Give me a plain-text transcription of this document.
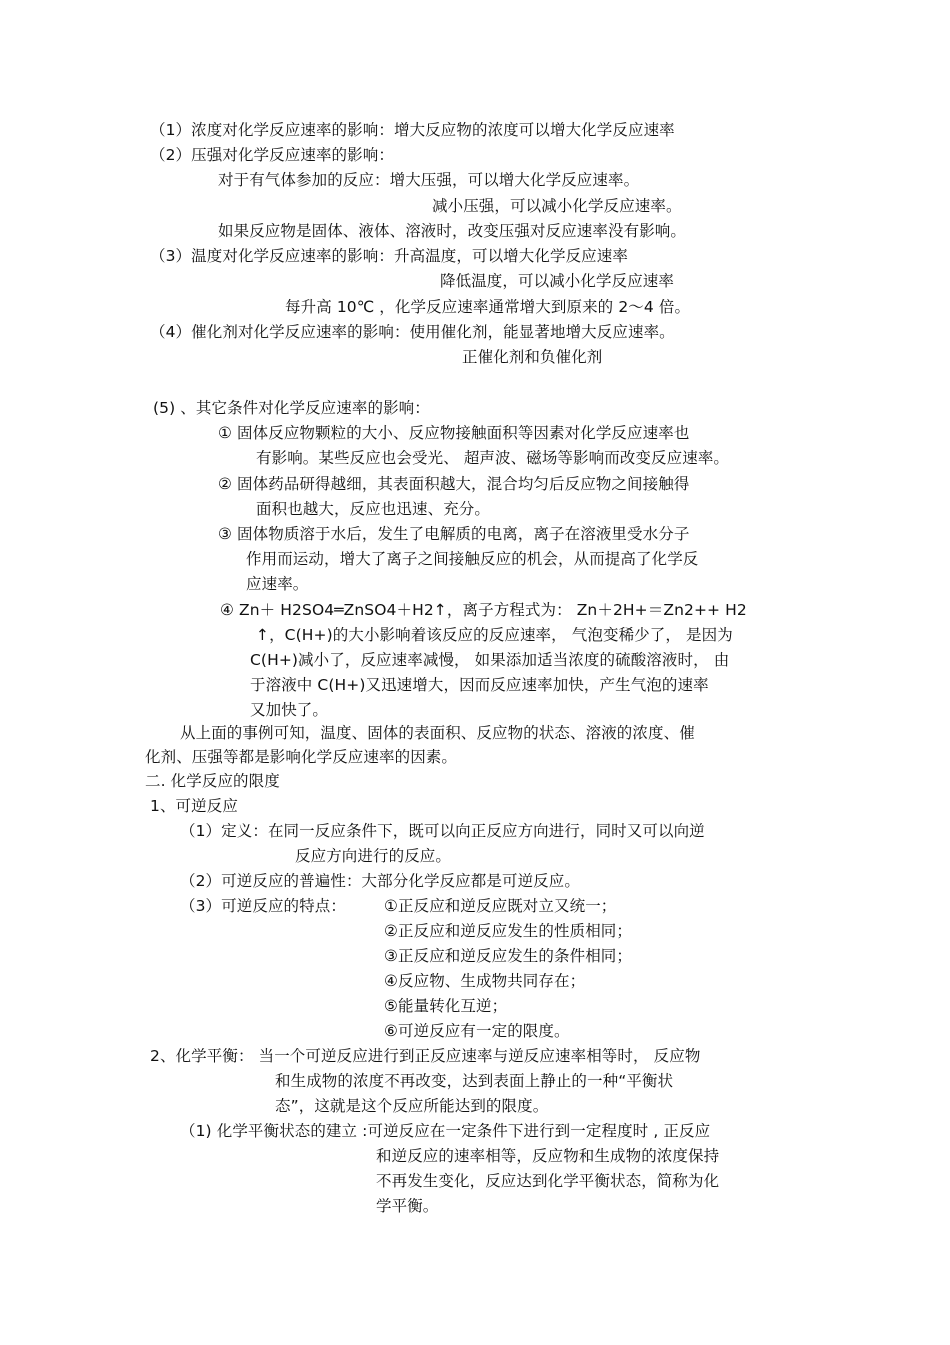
（1）浓度对化学反应速率的影响：增大反应物的浓度可以增大化学反应速率
（2）压强对化学反应速率的影响：
对于有气体参加的反应：增大压强，可以增大化学反应速率。
减小压强，可以减小化学反应速率。
如果反应物是固体、液体、溶液时，改变压强对反应速率没有影响。
（3）温度对化学反应速率的影响：升高温度，可以增大化学反应速率
降低温度，可以减小化学反应速率
每升高 10℃ ，化学反应速率通常增大到原来的 2～4 倍。
（4）催化剂对化学反应速率的影响：使用催化剂，能显著地增大反应速率。
正催化剂和负催化剂
(5) 、其它条件对化学反应速率的影响：
① 固体反应物颗粒的大小、反应物接触面积等因素对化学反应速率也
有影响。某些反应也会受光、 超声波、磁场等影响而改变反应速率。
② 固体药品研得越细，其表面积越大，混合均匀后反应物之间接触得
面积也越大，反应也迅速、充分。
③ 固体物质溶于水后，发生了电解质的电离，离子在溶液里受水分子
作用而运动，增大了离子之间接触反应的机会，从而提高了化学反
应速率。
④ Zn＋ H2SO4═ZnSO4＋H2↑，离子方程式为： Zn＋2H+＝Zn2++ H2
↑，C(H+)的大小影响着该反应的反应速率， 气泡变稀少了， 是因为
C(H+)减小了，反应速率减慢， 如果添加适当浓度的硫酸溶液时， 由
于溶液中 C(H+)又迅速增大，因而反应速率加快，产生气泡的速率
又加快了。
从上面的事例可知，温度、固体的表面积、反应物的状态、溶液的浓度、催
化剂、压强等都是影响化学反应速率的因素。
二. 化学反应的限度
1、可逆反应
（1）定义：在同一反应条件下，既可以向正反应方向进行，同时又可以向逆
反应方向进行的反应。
（2）可逆反应的普遍性：大部分化学反应都是可逆反应。
（3）可逆反应的特点： ①正反应和逆反应既对立又统一；
②正反应和逆反应发生的性质相同；
③正反应和逆反应发生的条件相同；
④反应物、生成物共同存在；
⑤能量转化互逆；
⑥可逆反应有一定的限度。
2、化学平衡： 当一个可逆反应进行到正反应速率与逆反应速率相等时， 反应物
和生成物的浓度不再改变，达到表面上静止的一种“平衡状
态”，这就是这个反应所能达到的限度。
（1) 化学平衡状态的建立 :可逆反应在一定条件下进行到一定程度时 , 正反应
和逆反应的速率相等，反应物和生成物的浓度保持
不再发生变化，反应达到化学平衡状态，简称为化
学平衡。
